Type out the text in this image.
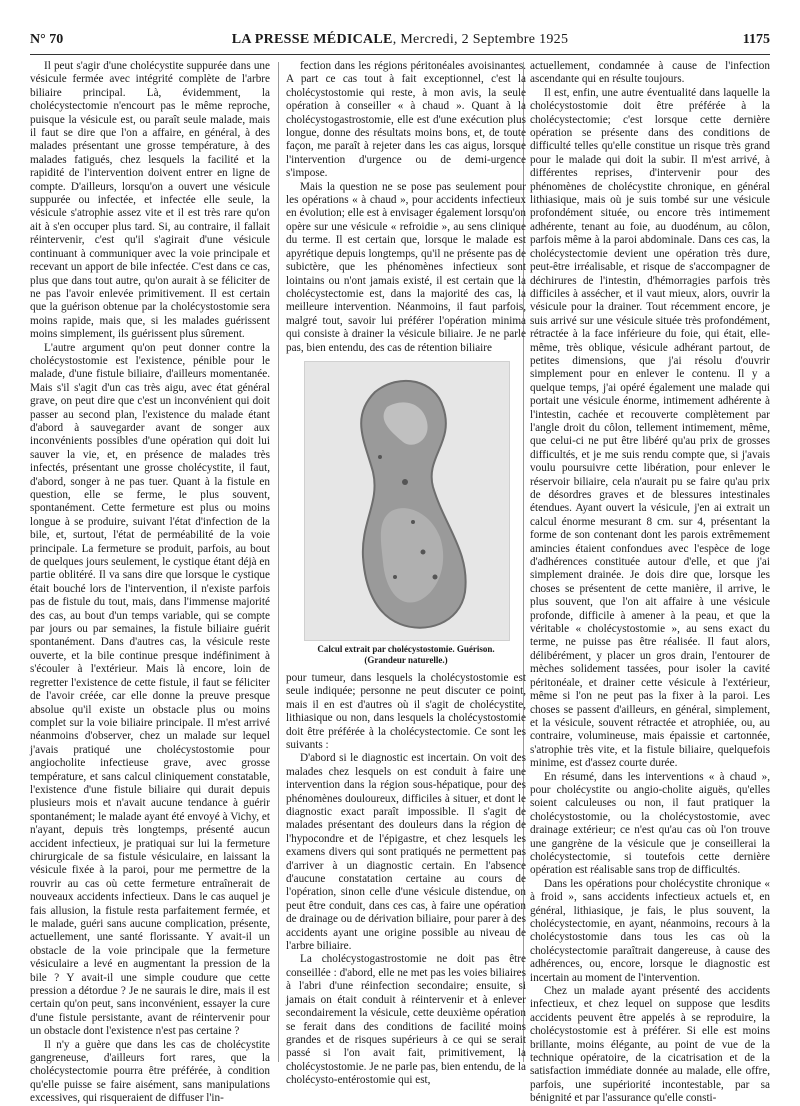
N° 70	LA PRESSE MÉDICALE, Mercredi, 2 Septembre 1925	1175

Il peut s'agir d'une cholécystite suppurée dans une vésicule fermée avec intégrité complète de l'arbre biliaire principal. Là, évidemment, la cholécystectomie n'encourt pas le même reproche, puisque la vésicule est, ou paraît seule malade, mais il faut se dire que l'on a affaire, en général, à des malades présentant une grosse température, à des malades fatigués, chez lesquels la facilité et la rapidité de l'intervention doivent entrer en ligne de compte. D'ailleurs, lorsqu'on a ouvert une vésicule suppurée ou infectée, et infectée elle seule, la vésicule s'atrophie assez vite et il est très rare qu'on ait à s'en occuper plus tard. Si, au contraire, il fallait réintervenir, c'est qu'il s'agirait d'une vésicule continuant à communiquer avec la voie principale et recevant un apport de bile infectée. C'est dans ce cas, plus que dans tout autre, qu'on aurait à se féliciter de ne pas l'avoir enlevée primitivement. Il est certain que la guérison obtenue par la cholécystostomie sera moins rapide, mais que, si les malades guérissent moins simplement, ils guérissent plus sûrement.

L'autre argument qu'on peut donner contre la cholécystostomie est l'existence, pénible pour le malade, d'une fistule biliaire, d'ailleurs momentanée. Mais s'il s'agit d'un cas très aigu, avec état général grave, on peut dire que c'est un inconvénient qui doit passer au second plan, l'existence du malade étant d'abord à sauvegarder avant de songer aux inconvénients possibles d'une opération qui doit lui sauver la vie, et, en présence de malades très infectés, présentant une grosse cholécystite, il faut, d'abord, songer à ne pas tuer. Quant à la fistule en question, elle se ferme, le plus souvent, spontanément. Cette fermeture est plus ou moins longue à se produire, suivant l'état d'infection de la bile, et, surtout, l'état de perméabilité de la voie principale. La fermeture se produit, parfois, au bout de quelques jours seulement, le cystique étant déjà en partie oblitéré. Il va sans dire que lorsque le cystique était bouché lors de l'intervention, il n'existe parfois pas de fistule du tout, mais, dans l'immense majorité des cas, au bout d'un temps variable, qui se compte par jours ou par semaines, la fistule biliaire guérit spontanément. Dans d'autres cas, la vésicule reste ouverte, et la bile continue presque indéfiniment à s'écouler à l'extérieur. Mais là encore, loin de regretter l'existence de cette fistule, il faut se féliciter de l'avoir créée, car elle donne la preuve presque absolue qu'il existe un obstacle plus ou moins complet sur la voie biliaire principale. Il m'est arrivé néanmoins d'observer, chez un malade sur lequel j'avais pratiqué une cholécystostomie pour angiocholite infectieuse grave, avec grosse température, et sans calcul cliniquement constatable, l'existence d'une fistule biliaire qui durait depuis plusieurs mois et n'avait aucune tendance à guérir spontanément; le malade ayant été envoyé à Vichy, et n'ayant, depuis très longtemps, présenté aucun accident infectieux, je pratiquai sur lui la fermeture chirurgicale de sa fistule vésiculaire, en laissant la vésicule fixée à la paroi, pour me permettre de la rouvrir au cas où cette fermeture entraînerait de nouveaux accidents infectieux. Dans le cas auquel je fais allusion, la fistule resta parfaitement fermée, et le malade, guéri sans aucune complication, présente, actuellement, une santé florissante. Y avait-il un obstacle de la voie principale que la fermeture vésiculaire a levé en augmentant la pression de la bile ? Y avait-il une simple coudure que cette pression a détordue ? Je ne saurais le dire, mais il est certain qu'on peut, sans inconvénient, essayer la cure d'une fistule persistante, avant de réintervenir pour un obstacle dont l'existence n'est pas certaine ?

Il n'y a guère que dans les cas de cholécystite gangreneuse, d'ailleurs fort rares, que la cholécystectomie pourra être préférée, à condition qu'elle puisse se faire aisément, sans manipulations excessives, qui risqueraient de diffuser l'in-

fection dans les régions péritonéales avoisinantes. A part ce cas tout à fait exceptionnel, c'est la cholécystostomie qui reste, à mon avis, la seule opération à conseiller « à chaud ». Quant à la cholécystogastrostomie, elle est d'une exécution plus longue, donne des résultats moins bons, et, de toute façon, me paraît à rejeter dans les cas aigus, lorsque l'intervention d'urgence ou de demi-urgence s'impose.

Mais la question ne se pose pas seulement pour les opérations « à chaud », pour accidents infectieux en évolution; elle est à envisager également lorsqu'on opère sur une vésicule « refroidie », au sens clinique du terme. Il est certain que, lorsque le malade est apyrétique depuis longtemps, qu'il ne présente pas de subictère, que les phénomènes infectieux sont lointains ou n'ont jamais existé, il est certain que la cholécystectomie est, dans la majorité des cas, la meilleure intervention. Néanmoins, il faut parfois, malgré tout, savoir lui préférer l'opération minima qui consiste à drainer la vésicule biliaire. Je ne parle pas, bien entendu, des cas de rétention biliaire

Calcul extrait par cholécystostomie. Guérison.
(Grandeur naturelle.)

pour tumeur, dans lesquels la cholécystostomie est seule indiquée; personne ne peut discuter ce point, mais il en est d'autres où il s'agit de cholécystite, lithiasique ou non, dans lesquels la cholécystostomie doit être préférée à la cholécystectomie. Ce sont les suivants :

D'abord si le diagnostic est incertain. On voit des malades chez lesquels on est conduit à faire une intervention dans la région sous-hépatique, pour des phénomènes douloureux, difficiles à situer, et dont le diagnostic exact paraît impossible. Il s'agit de malades présentant des douleurs dans la région de l'hypocondre et de l'épigastre, et chez lesquels les examens divers qui sont pratiqués ne permettent pas d'arriver à un diagnostic certain. En l'absence d'aucune constatation certaine au cours de l'opération, sinon celle d'une vésicule distendue, on peut être conduit, dans ces cas, à faire une opération de drainage ou de dérivation biliaire, pour parer à des accidents ayant une origine possible au niveau de l'arbre biliaire.

La cholécystogastrostomie ne doit pas être conseillée : d'abord, elle ne met pas les voies biliaires à l'abri d'une réinfection secondaire; ensuite, si jamais on était conduit à réintervenir et à enlever secondairement la vésicule, cette deuxième opération se ferait dans des conditions de facilité moins grandes et de risques supérieurs à ce qui se serait passé si l'on avait fait, primitivement, la cholécystostomie. Je ne parle pas, bien entendu, de la cholécysto-entérostomie qui est,

actuellement, condamnée à cause de l'infection ascendante qui en résulte toujours.

Il est, enfin, une autre éventualité dans laquelle la cholécystostomie doit être préférée à la cholécystectomie; c'est lorsque cette dernière opération se présente dans des conditions de difficulté telles qu'elle constitue un risque très grand pour le malade qui doit la subir. Il m'est arrivé, à différentes reprises, d'intervenir pour des phénomènes de cholécystite chronique, en général lithiasique, mais où je suis tombé sur une vésicule profondément située, ou encore très intimement adhérente, tenant au foie, au duodénum, au côlon, parfois même à la paroi abdominale. Dans ces cas, la cholécystectomie devient une opération très dure, peut-être irréalisable, et risque de s'accompagner de déchirures de l'intestin, d'hémorragies parfois très difficiles à assécher, et il vaut mieux, alors, ouvrir la vésicule pour la drainer. Tout récemment encore, je suis arrivé sur une vésicule située très profondément, rétractée à la face inférieure du foie, qui était, elle-même, très oblique, vésicule adhérant partout, de petites dimensions, que j'ai résolu d'ouvrir simplement pour en enlever le contenu. Il y a quelque temps, j'ai opéré également une malade qui portait une vésicule énorme, intimement adhérente à l'intestin, cachée et recouverte complètement par l'angle droit du côlon, tellement intimement, même, que celui-ci ne put être libéré qu'au prix de grosses difficultés, et je me suis rendu compte que, si j'avais voulu poursuivre cette libération, pour enlever le réservoir biliaire, cela n'aurait pu se faire qu'au prix de désordres graves et de blessures intestinales étendues. Ayant ouvert la vésicule, j'en ai extrait un calcul énorme mesurant 8 cm. sur 4, présentant la forme de son contenant dont les parois extrêmement amincies étaient confondues avec l'espèce de loge d'adhérences constituée autour d'elle, et que j'ai simplement drainée. Je dois dire que, lorsque les choses se présentent de cette manière, il arrive, le plus souvent, que l'on ait affaire à une vésicule profonde, difficile à amener à la peau, et que la véritable « cholécystostomie », au sens exact du terme, ne puisse pas être réalisée. Il faut alors, délibérément, y placer un gros drain, l'entourer de mèches solidement tassées, pour isoler la cavité péritonéale, et drainer cette vésicule à l'extérieur, même si l'on ne peut pas la fixer à la paroi. Les choses se passent d'ailleurs, en général, simplement, et la vésicule, souvent rétractée et atrophiée, ou, au contraire, volumineuse, mais épaissie et cartonnée, s'atrophie très vite, et la fistule biliaire, quelquefois minime, est d'assez courte durée.

En résumé, dans les interventions « à chaud », pour cholécystite ou angio-cholite aiguës, qu'elles soient calculeuses ou non, il faut pratiquer la cholécystostomie, ou la cholécystostomie, avec drainage extérieur; ce n'est qu'au cas où l'on trouve une gangrène de la vésicule que je conseillerai la cholécystectomie, si toutefois cette dernière opération est réalisable sans trop de difficultés.

Dans les opérations pour cholécystite chronique « à froid », sans accidents infectieux actuels et, en général, lithiasique, je fais, le plus souvent, la cholécystectomie, en ayant, néanmoins, recours à la cholécystostomie dans tous les cas où la cholécystectomie paraîtrait dangereuse, à cause des adhérences, ou, encore, lorsque le diagnostic est incertain au moment de l'intervention.

Chez un malade ayant présenté des accidents infectieux, et chez lequel on suppose que lesdits accidents peuvent être appelés à se reproduire, la cholécystostomie est à préférer. Si elle est moins brillante, moins élégante, au point de vue de la technique opératoire, de la cicatrisation et de la satisfaction immédiate donnée au malade, elle offre, parfois, une supériorité incontestable, par sa bénignité et par l'assurance qu'elle consti-
